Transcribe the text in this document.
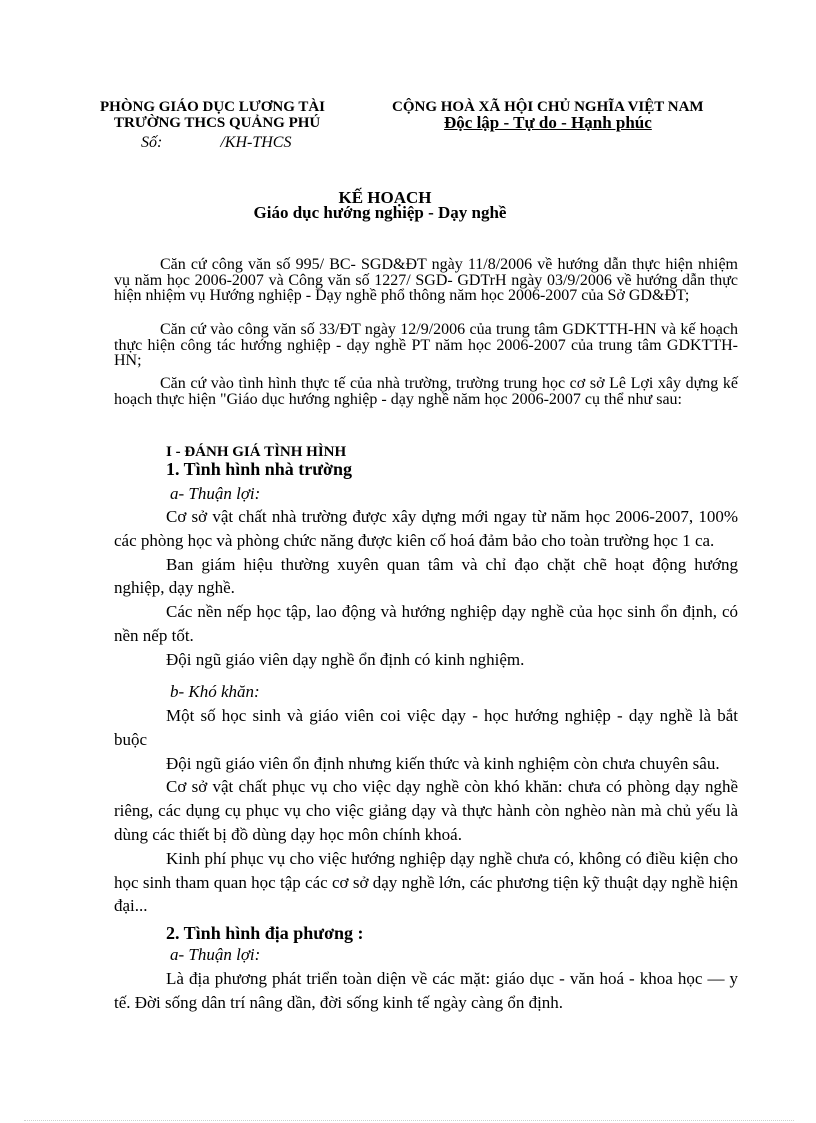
PHÒNG GIÁO DỤC LƯƠNG TÀI
TRƯỜNG THCS QUẢNG PHÚ
CỘNG HOÀ XÃ HỘI CHỦ NGHĨA VIỆT NAM
Độc lập - Tự do - Hạnh phúc
Số:	/KH-THCS
KẾ HOẠCH
Giáo dục hướng nghiệp - Dạy nghề

Căn cứ công văn số 995/ BC- SGD&ĐT ngày 11/8/2006 về hướng dẫn thực hiện nhiệm vụ năm học 2006-2007 và Công văn số 1227/ SGD- GDTrH ngày 03/9/2006 về hướng dẫn thực hiện nhiệm vụ Hướng nghiệp - Dạy nghề phổ thông năm học 2006-2007 của Sở GD&ĐT;

Căn cứ vào công văn số 33/ĐT ngày 12/9/2006 của trung tâm GDKTTH-HN và kế hoạch thực hiện công tác hướng nghiệp - dạy nghề PT năm học 2006-2007 của trung tâm GDKTTH-HN;

Căn cứ vào tình hình thực tế của nhà trường, trường trung học cơ sở Lê Lợi xây dựng kế hoạch thực hiện "Giáo dục hướng nghiệp - dạy nghề năm học 2006-2007 cụ thể như sau:

I - ĐÁNH GIÁ TÌNH HÌNH
1. Tình hình nhà trường
a- Thuận lợi:

Cơ sở vật chất nhà trường được xây dựng mới ngay từ năm học 2006-2007, 100% các phòng học và phòng chức năng được kiên cố hoá đảm bảo cho toàn trường học 1 ca.

Ban giám hiệu thường xuyên quan tâm và chỉ đạo chặt chẽ hoạt động hướng nghiệp, dạy nghề.

Các nền nếp học tập, lao động và hướng nghiệp dạy nghề của học sinh ổn định, có nền nếp tốt.

Đội ngũ giáo viên dạy nghề ổn định có kinh nghiệm.

b- Khó khăn:

Một số học sinh và giáo viên coi việc dạy - học hướng nghiệp - dạy nghề là bắt buộc

Đội ngũ giáo viên ổn định nhưng kiến thức và kinh nghiệm còn chưa chuyên sâu.

Cơ sở vật chất phục vụ cho việc dạy nghề còn khó khăn: chưa có phòng dạy nghề riêng, các dụng cụ phục vụ cho việc giảng dạy và thực hành còn nghèo nàn mà chủ yếu là dùng các thiết bị đồ dùng dạy học môn chính khoá.

Kinh phí phục vụ cho việc hướng nghiệp dạy nghề chưa có, không có điều kiện cho học sinh tham quan học tập các cơ sở dạy nghề lớn, các phương tiện kỹ thuật dạy nghề hiện đại...

2. Tình hình địa phương :
a- Thuận lợi:

Là địa phương phát triển toàn diện về các mặt: giáo dục - văn hoá - khoa học — y tế. Đời sống dân trí nâng dần, đời sống kinh tế ngày càng ổn định.
